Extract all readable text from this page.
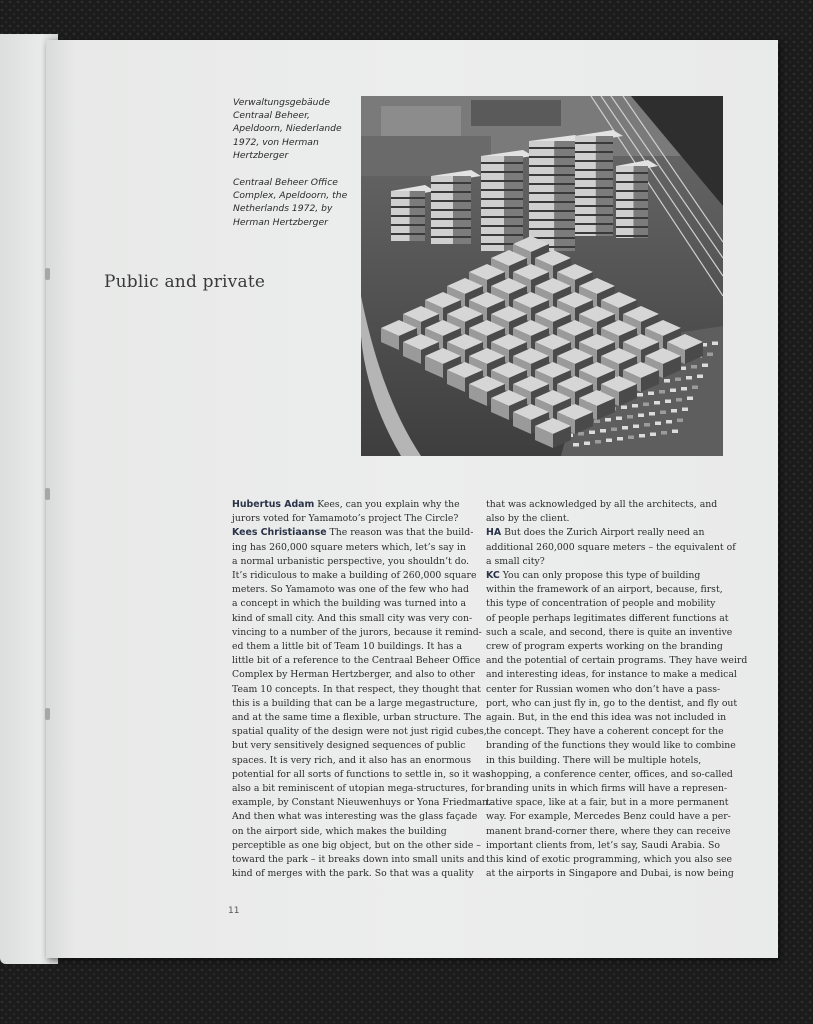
Verwaltungsgebäude
Centraal Beheer,
Apeldoorn, Niederlande
1972, von Herman
Hertzberger
Centraal Beheer Office
Complex, Apeldoorn, the
Netherlands 1972, by
Herman Hertzberger
Public and private
Hubertus Adam Kees, can you explain why the
jurors voted for Yamamoto’s project The Circle?
Kees Christiaanse The reason was that the build-
ing has 260,000 square meters which, let’s say in
a normal urbanistic perspective, you shouldn’t do.
It’s ridiculous to make a building of 260,000 square
meters. So Yamamoto was one of the few who had
a concept in which the building was turned into a
kind of small city. And this small city was very con-
vincing to a number of the jurors, because it remind-
ed them a little bit of Team 10 buildings. It has a
little bit of a reference to the Centraal Beheer Office
Complex by Herman Hertzberger, and also to other
Team 10 concepts. In that respect, they thought that
this is a building that can be a large megastructure,
and at the same time a flexible, urban structure. The
spatial quality of the design were not just rigid cubes,
but very sensitively designed sequences of public
spaces. It is very rich, and it also has an enormous
potential for all sorts of functions to settle in, so it was
also a bit reminiscent of utopian mega-structures, for
example, by Constant Nieuwenhuys or Yona Friedman.
And then what was interesting was the glass façade
on the airport side, which makes the building
perceptible as one big object, but on the other side –
toward the park – it breaks down into small units and
kind of merges with the park. So that was a quality
that was acknowledged by all the architects, and
also by the client.
HA But does the Zurich Airport really need an
additional 260,000 square meters – the equivalent of
a small city?
KC You can only propose this type of building
within the framework of an airport, because, first,
this type of concentration of people and mobility
of people perhaps legitimates different functions at
such a scale, and second, there is quite an inventive
crew of program experts working on the branding
and the potential of certain programs. They have weird
and interesting ideas, for instance to make a medical
center for Russian women who don’t have a pass-
port, who can just fly in, go to the dentist, and fly out
again. But, in the end this idea was not included in
the concept. They have a coherent concept for the
branding of the functions they would like to combine
in this building. There will be multiple hotels,
shopping, a conference center, offices, and so-called
branding units in which firms will have a represen-
tative space, like at a fair, but in a more permanent
way. For example, Mercedes Benz could have a per-
manent brand-corner there, where they can receive
important clients from, let’s say, Saudi Arabia. So
this kind of exotic programming, which you also see
at the airports in Singapore and Dubai, is now being
11
